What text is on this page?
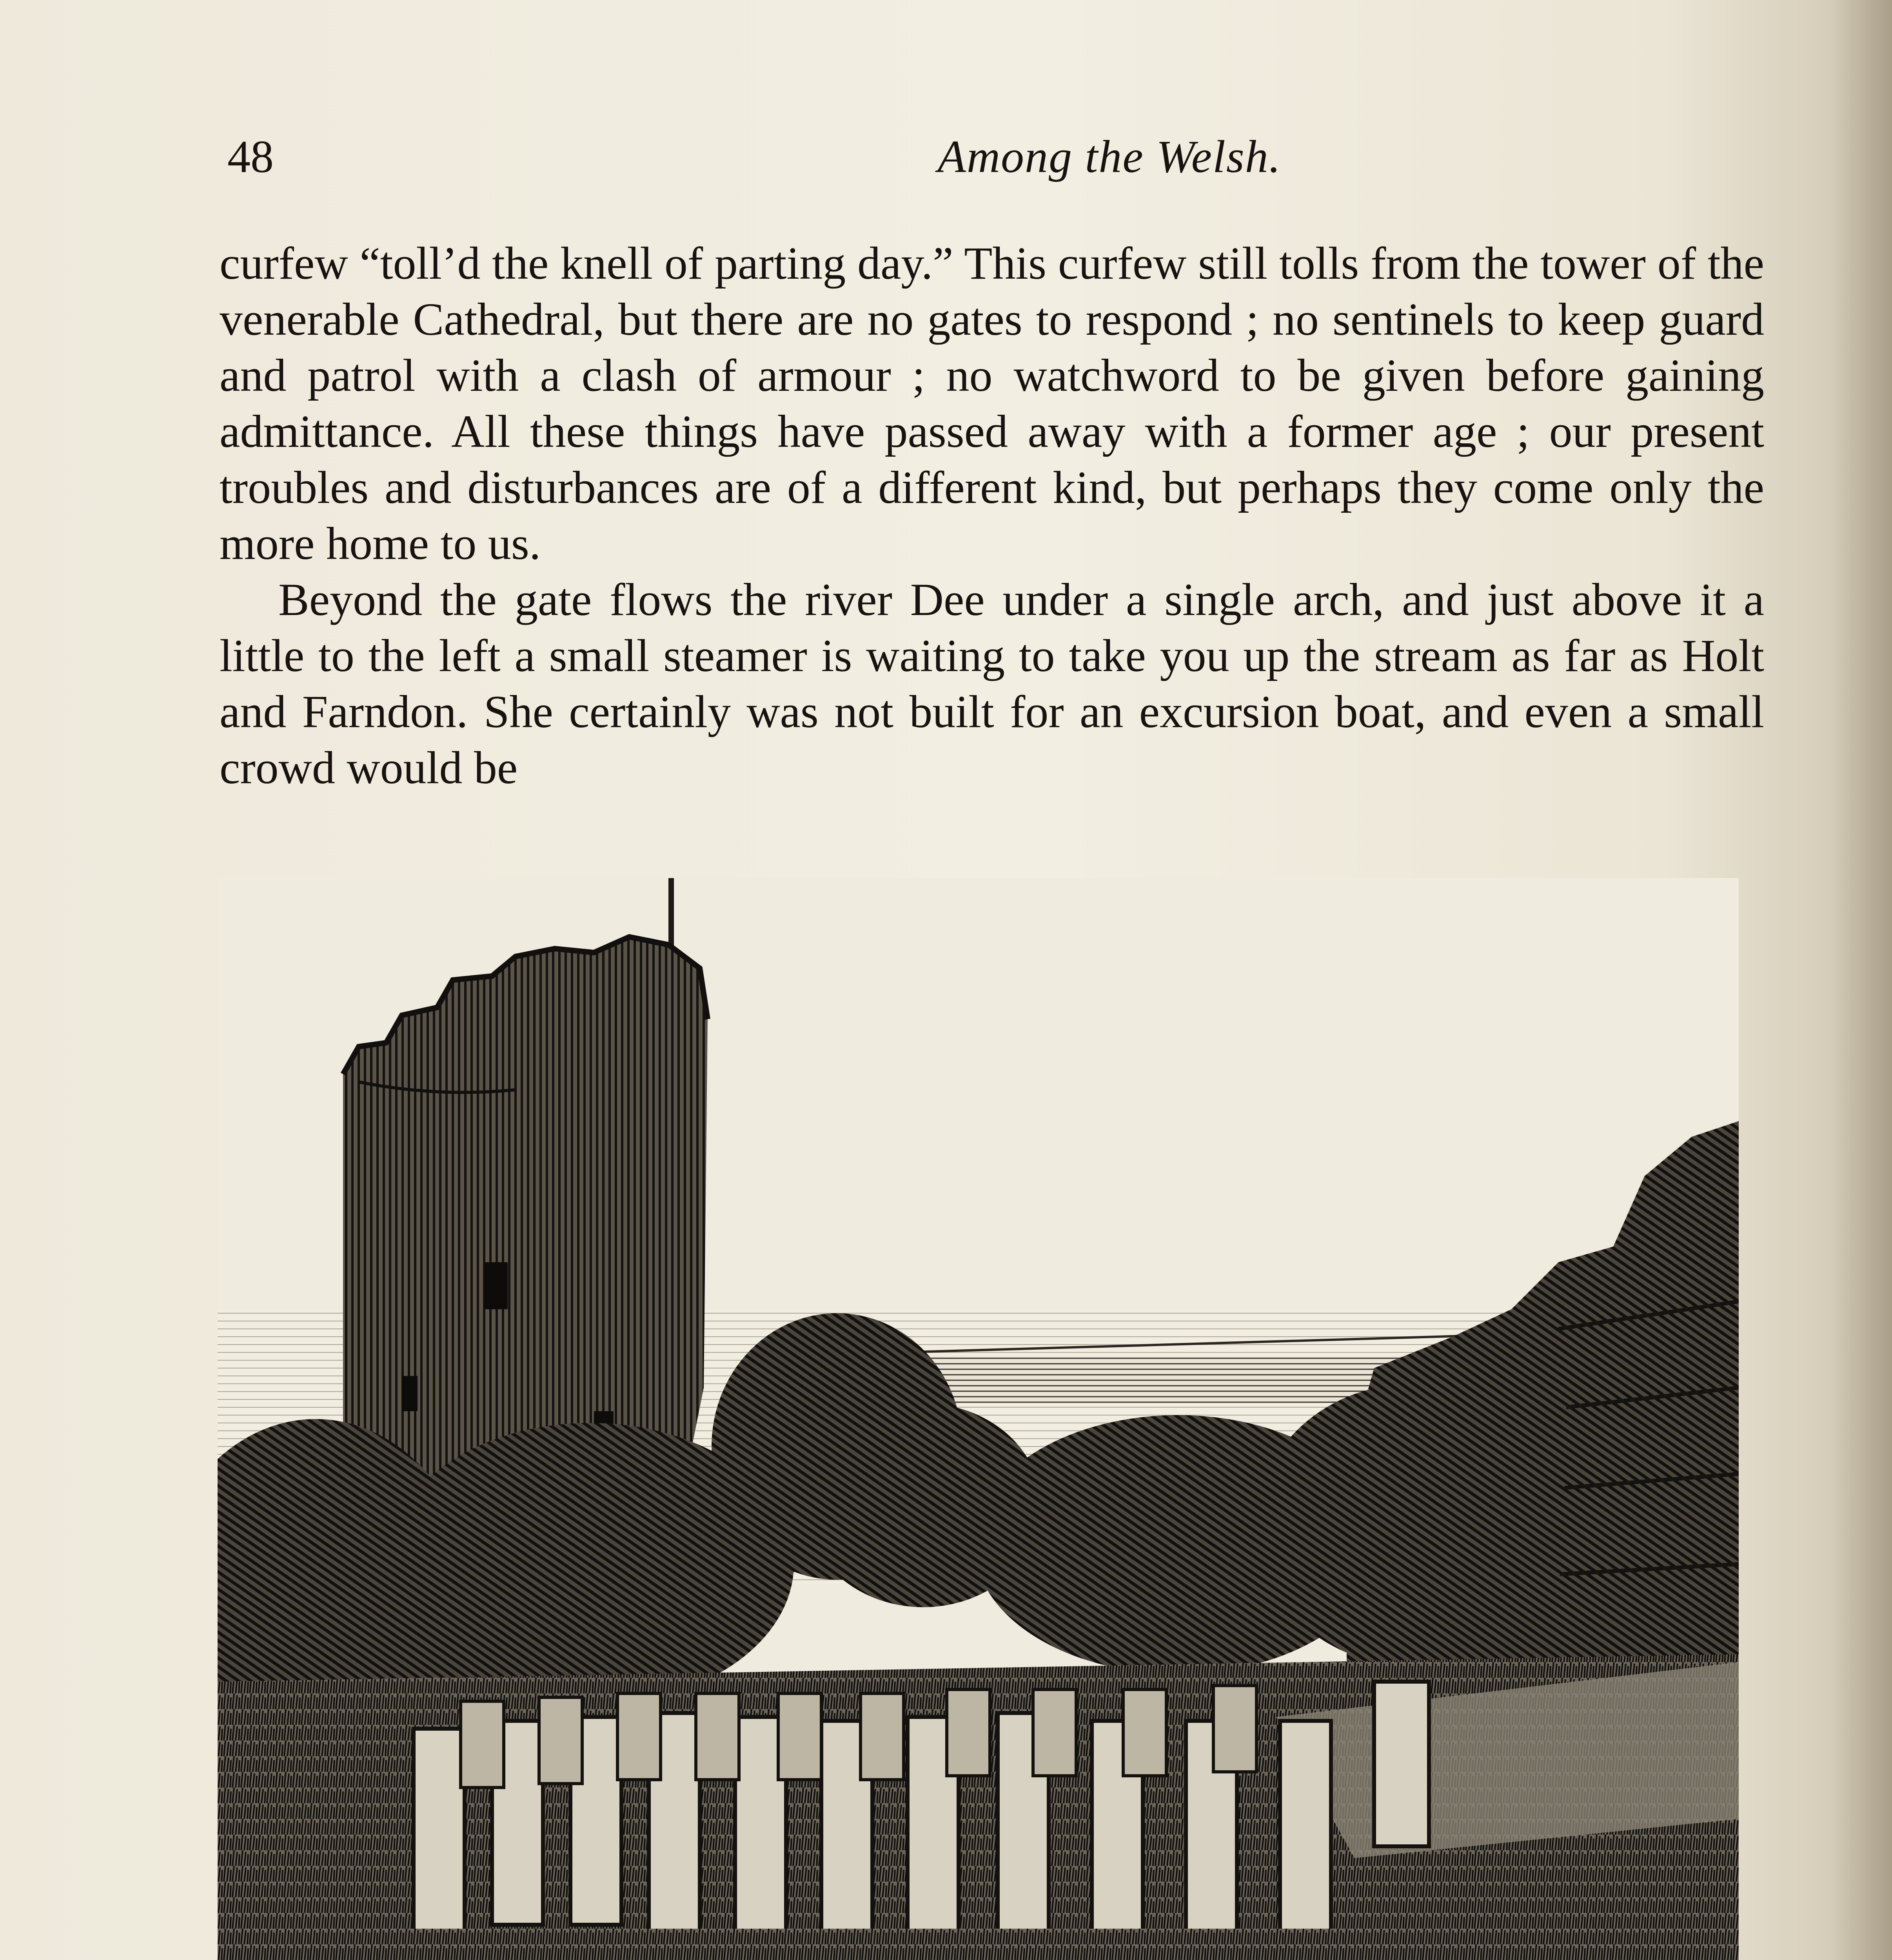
48	Among the Welsh.

curfew “toll’d the knell of parting day.” This curfew still tolls from the tower of the venerable Cathedral, but there are no gates to respond ; no sentinels to keep guard and patrol with a clash of armour ; no watchword to be given before gaining admittance. All these things have passed away with a former age ; our present troubles and disturbances are of a different kind, but perhaps they come only the more home to us.

Beyond the gate flows the river Dee under a single arch, and just above it a little to the left a small steamer is waiting to take you up the stream as far as Holt and Farndon. She certainly was not built for an excursion boat, and even a small crowd would be
